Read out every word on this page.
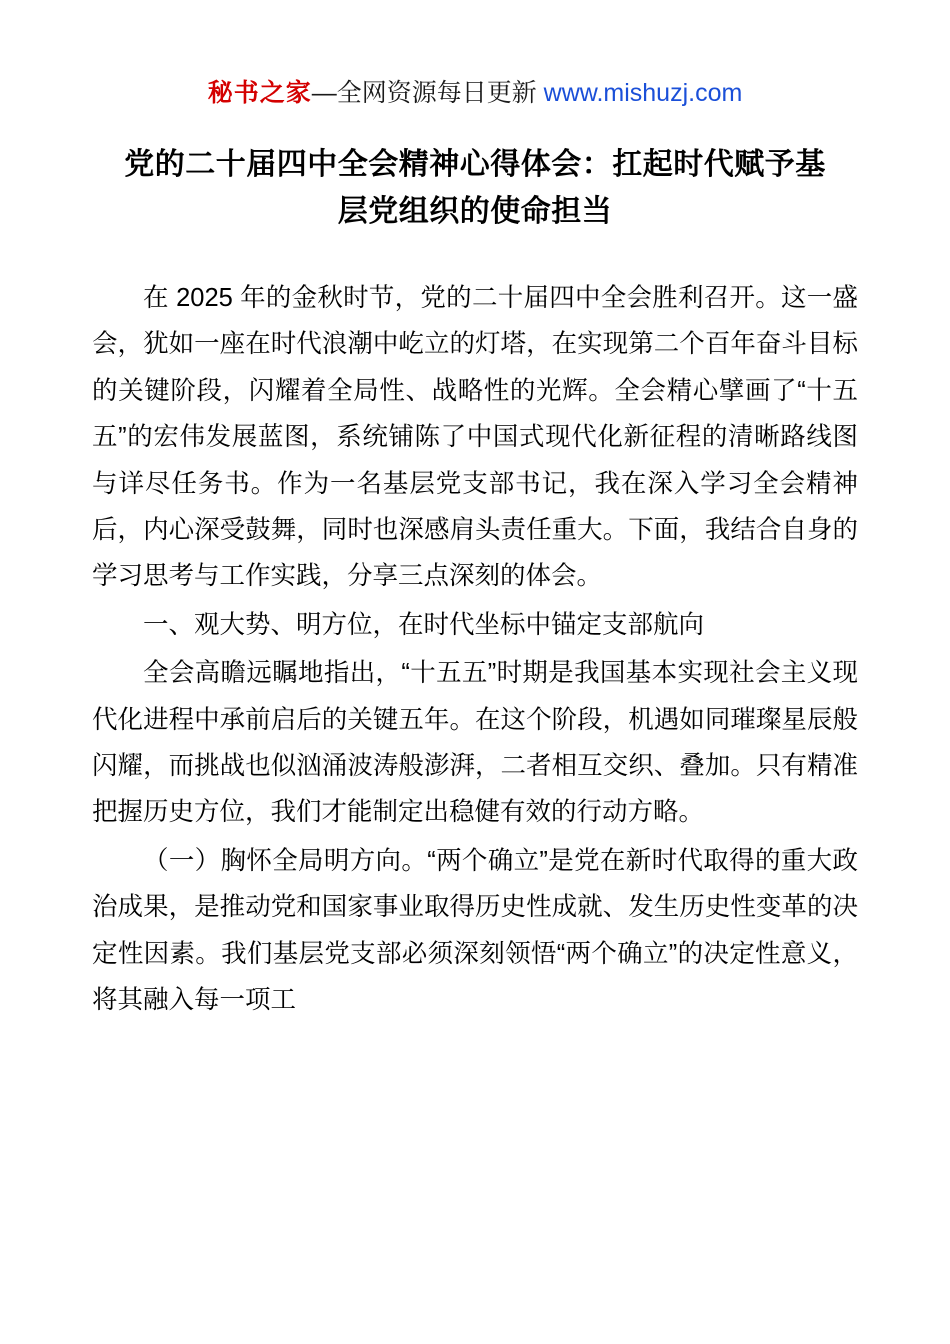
秘书之家—全网资源每日更新 www.mishuzj.com
党的二十届四中全会精神心得体会：扛起时代赋予基层党组织的使命担当

在 2025 年的金秋时节，党的二十届四中全会胜利召开。这一盛会，犹如一座在时代浪潮中屹立的灯塔，在实现第二个百年奋斗目标的关键阶段，闪耀着全局性、战略性的光辉。全会精心擘画了“十五五”的宏伟发展蓝图，系统铺陈了中国式现代化新征程的清晰路线图与详尽任务书。作为一名基层党支部书记，我在深入学习全会精神后，内心深受鼓舞，同时也深感肩头责任重大。下面，我结合自身的学习思考与工作实践，分享三点深刻的体会。

一、观大势、明方位，在时代坐标中锚定支部航向

全会高瞻远瞩地指出，“十五五”时期是我国基本实现社会主义现代化进程中承前启后的关键五年。在这个阶段，机遇如同璀璨星辰般闪耀，而挑战也似汹涌波涛般澎湃，二者相互交织、叠加。只有精准把握历史方位，我们才能制定出稳健有效的行动方略。

（一）胸怀全局明方向。“两个确立”是党在新时代取得的重大政治成果，是推动党和国家事业取得历史性成就、发生历史性变革的决定性因素。我们基层党支部必须深刻领悟“两个确立”的决定性意义，将其融入每一项工
